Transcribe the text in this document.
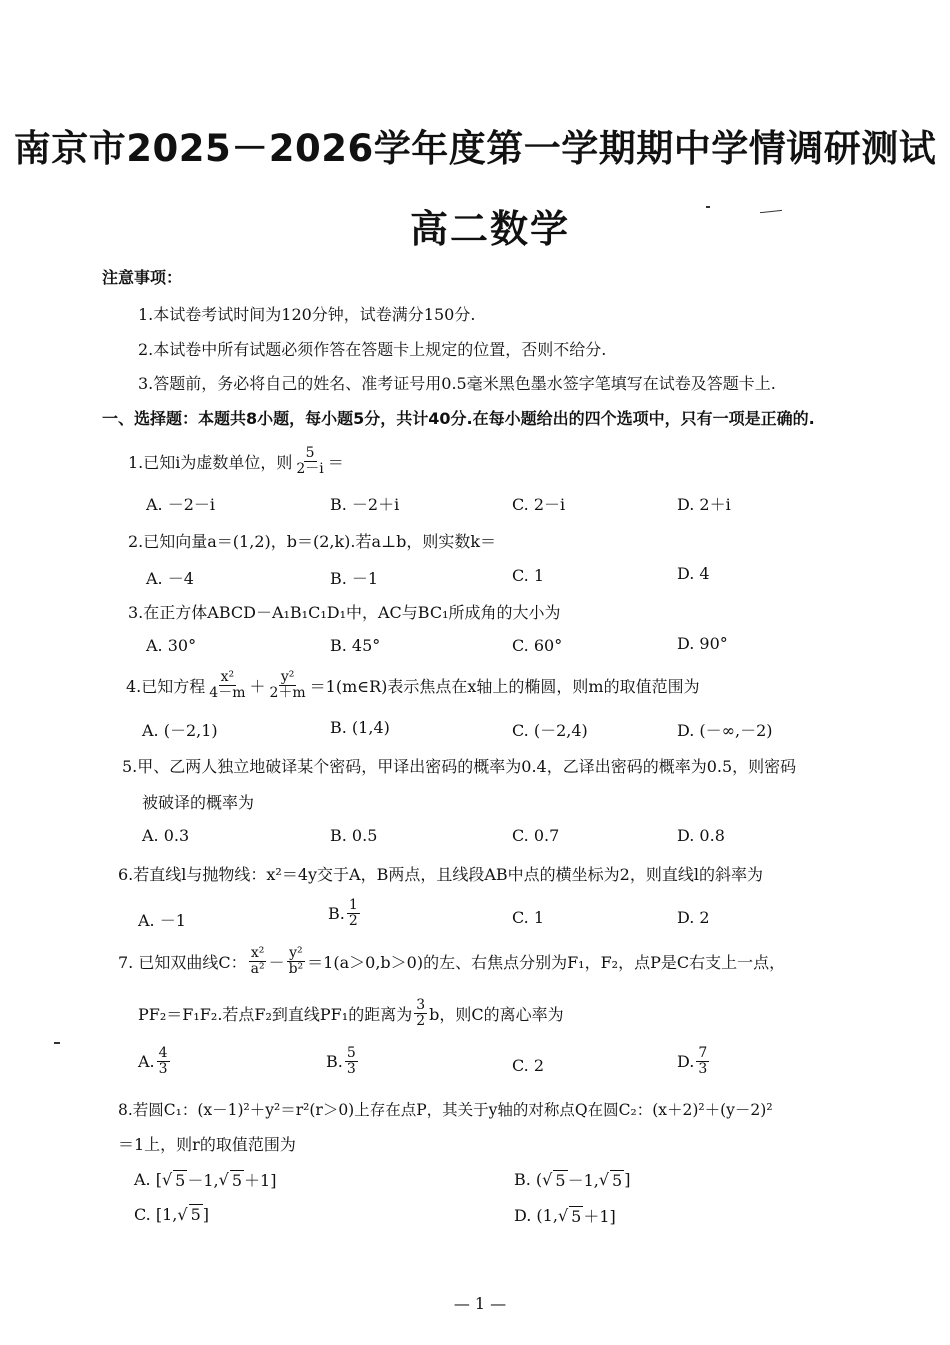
南京市2025－2026学年度第一学期期中学情调研测试
高二数学
注意事项：
1.本试卷考试时间为120分钟，试卷满分150分.
2.本试卷中所有试题必须作答在答题卡上规定的位置，否则不给分.
3.答题前，务必将自己的姓名、准考证号用0.5毫米黑色墨水签字笔填写在试卷及答题卡上.
一、选择题：本题共8小题，每小题5分，共计40分.在每小题给出的四个选项中，只有一项是正确的.
1.已知i为虚数单位，则 $\frac{5}{2-i}$ ＝
A. －2－i	B. －2＋i	C. 2－i	D. 2＋i
2.已知向量a＝(1,2)，b＝(2,k).若a⊥b，则实数k＝
A. －4	B. －1	C. 1	D. 4
3.在正方体ABCD－A₁B₁C₁D₁中，AC与BC₁所成角的大小为
A. 30°	B. 45°	C. 60°	D. 90°
4.已知方程 $\frac{\text{x²}}{4-m} + \frac{\text{y²}}{2+m}$ ＝1(m∈R)表示焦点在x轴上的椭圆，则m的取值范围为
A. (－2,1)	B. (1,4)	C. (－2,4)	D. (－∞,－2)
5.甲、乙两人独立地破译某个密码，甲译出密码的概率为0.4，乙译出密码的概率为0.5，则密码
被破译的概率为
A. 0.3	B. 0.5	C. 0.7	D. 0.8
6.若直线l与抛物线：x²＝4y交于A，B两点，且线段AB中点的横坐标为2，则直线l的斜率为
A. －1	B. $\frac{1}{2}$	C. 1	D. 2
7. 已知双曲线C： $\frac{\text{x²}}{\text{a²}} - \frac{\text{y²}}{\text{b²}} =1(a>0,b>0)$的左、右焦点分别为F₁，F₂，点P是C右支上一点，
PF₂＝F₁F₂.若点F₂到直线PF₁的距离为 $\frac{3}{2}$ b，则C的离心率为
A. $\frac{4}{3}$	B. $\frac{5}{3}$	C. 2	D. $\frac{7}{3}$
8.若圆C₁：(x－1)²＋y²＝r²(r＞0)上存在点P，其关于y轴的对称点Q在圆C₂：(x＋2)²＋(y－2)²
＝1上，则r的取值范围为
A. [ √ 5 －1, √ 5 ＋1]	B. ( √ 5 －1, √ 5 ]
C. [1, √ 5 ]	D. (1, √ 5 ＋1]
— 1 —
